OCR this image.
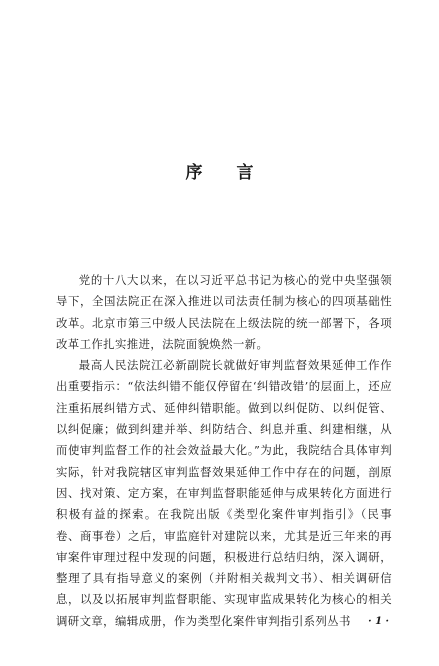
序 言

党的十八大以来，在以习近平总书记为核心的党中央坚强领导下，全国法院正在深入推进以司法责任制为核心的四项基础性改革。北京市第三中级人民法院在上级法院的统一部署下，各项改革工作扎实推进，法院面貌焕然一新。

最高人民法院江必新副院长就做好审判监督效果延伸工作作出重要指示：“依法纠错不能仅停留在‘纠错改错’的层面上，还应注重拓展纠错方式、延伸纠错职能。做到以纠促防、以纠促管、以纠促廉；做到纠建并举、纠防结合、纠息并重、纠建相继，从而使审判监督工作的社会效益最大化。”为此，我院结合具体审判实际，针对我院辖区审判监督效果延伸工作中存在的问题，剖原因、找对策、定方案，在审判监督职能延伸与成果转化方面进行积极有益的探索。在我院出版《类型化案件审判指引》（民事卷、商事卷）之后，审监庭针对建院以来，尤其是近三年来的再审案件审理过程中发现的问题，积极进行总结归纳，深入调研，整理了具有指导意义的案例（并附相关裁判文书）、相关调研信息，以及以拓展审判监督职能、实现审监成果转化为核心的相关调研文章，编辑成册，作为类型化案件审判指引系列丛书	· 1 ·
